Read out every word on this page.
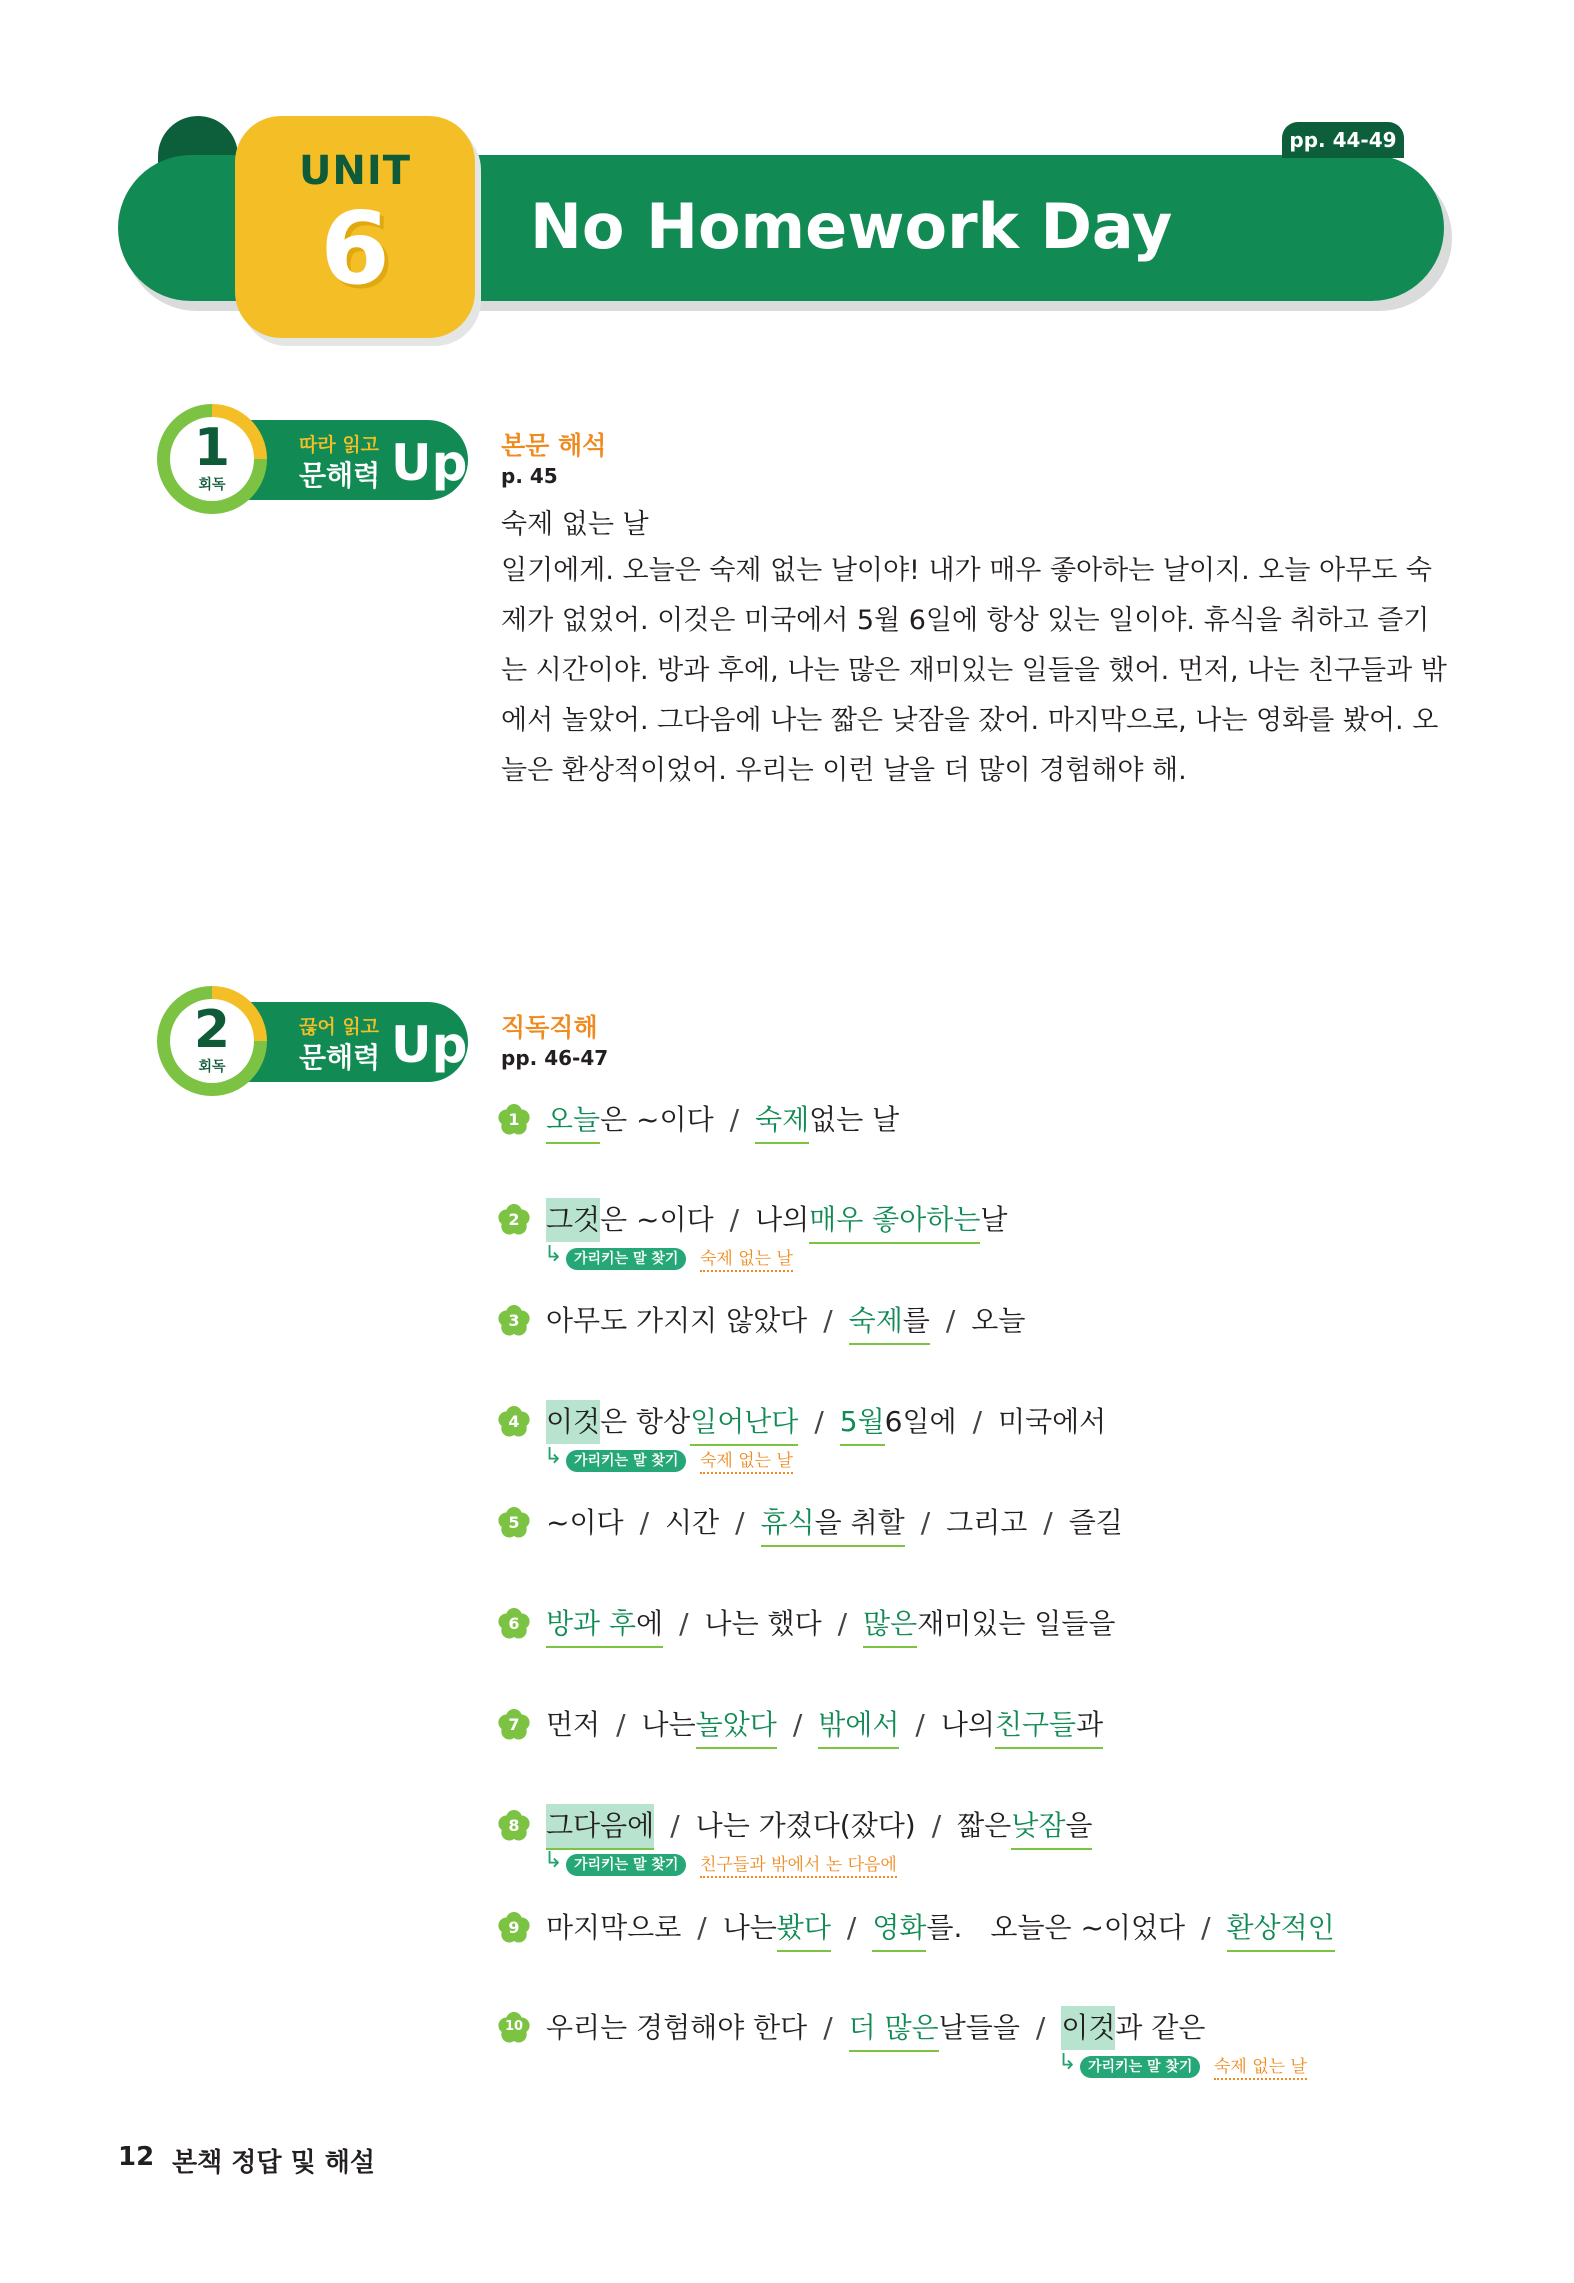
UNIT
6	No Homework Day
pp. 44-49
1
회독
따라 읽고
문해력 Up 본문 해석
p. 45
숙제 없는 날
일기에게. 오늘은 숙제 없는 날이야! 내가 매우 좋아하는 날이지. 오늘 아무도 숙
제가 없었어. 이것은 미국에서 5월 6일에 항상 있는 일이야. 휴식을 취하고 즐기
는 시간이야. 방과 후에, 나는 많은 재미있는 일들을 했어. 먼저, 나는 친구들과 밖
에서 놀았어. 그다음에 나는 짧은 낮잠을 잤어. 마지막으로, 나는 영화를 봤어. 오
늘은 환상적이었어. 우리는 이런 날을 더 많이 경험해야 해.
2
회독
끊어 읽고
문해력 Up 직독직해
pp. 46-47
1 오늘은 ~이다 / 숙제없는 날
2 그것은 ~이다 / 나의매우 좋아하는날
↳ 가리키는 말 찾기	숙제 없는 날
3 아무도 가지지 않았다 / 숙제를 / 오늘
4 이것은 항상일어난다 / 5월6일에 / 미국에서
↳ 가리키는 말 찾기	숙제 없는 날
5 ~이다 / 시간 / 휴식을 취할 / 그리고 / 즐길
6 방과 후에 / 나는 했다 / 많은재미있는 일들을
7 먼저 / 나는놀았다 / 밖에서 / 나의친구들과
8 그다음에 / 나는 가졌다(잤다) / 짧은낮잠을
↳ 가리키는 말 찾기	친구들과 밖에서 논 다음에
9 마지막으로 / 나는봤다 / 영화를. 오늘은 ~이었다 / 환상적인
10 우리는 경험해야 한다 / 더 많은날들을 / 이것과 같은
↳ 가리키는 말 찾기	숙제 없는 날
12 본책 정답 및 해설
